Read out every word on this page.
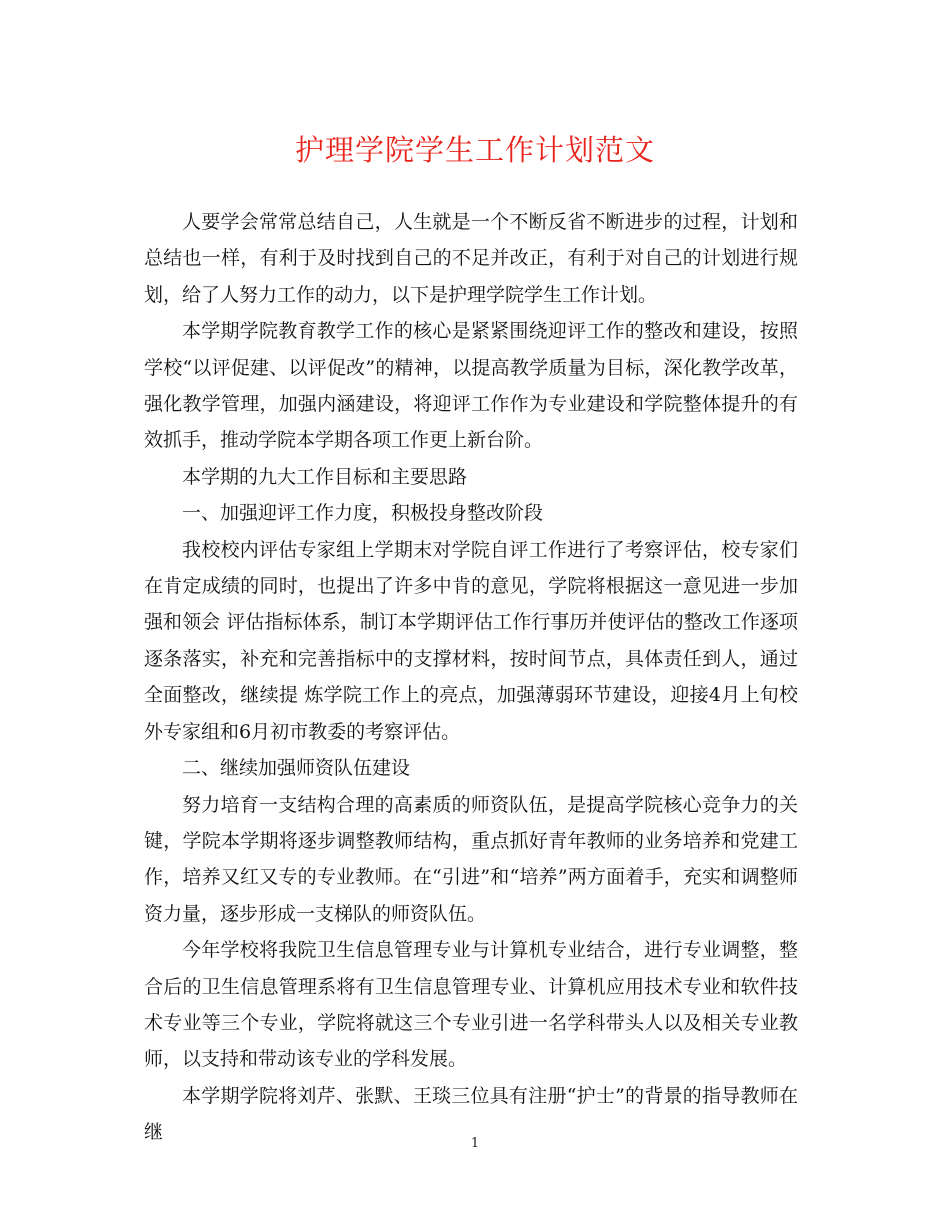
护理学院学生工作计划范文

人要学会常常总结自己，人生就是一个不断反省不断进步的过程，计划和总结也一样，有利于及时找到自己的不足并改正，有利于对自己的计划进行规划，给了人努力工作的动力，以下是护理学院学生工作计划。

本学期学院教育教学工作的核心是紧紧围绕迎评工作的整改和建设，按照学校“以评促建、以评促改”的精神，以提高教学质量为目标，深化教学改革，强化教学管理，加强内涵建设，将迎评工作作为专业建设和学院整体提升的有效抓手，推动学院本学期各项工作更上新台阶。

本学期的九大工作目标和主要思路

一、加强迎评工作力度，积极投身整改阶段

我校校内评估专家组上学期末对学院自评工作进行了考察评估，校专家们在肯定成绩的同时，也提出了许多中肯的意见，学院将根据这一意见进一步加强和领会 评估指标体系，制订本学期评估工作行事历并使评估的整改工作逐项逐条落实，补充和完善指标中的支撑材料，按时间节点，具体责任到人，通过全面整改，继续提 炼学院工作上的亮点，加强薄弱环节建设，迎接4月上旬校外专家组和6月初市教委的考察评估。

二、继续加强师资队伍建设

努力培育一支结构合理的高素质的师资队伍，是提高学院核心竞争力的关键，学院本学期将逐步调整教师结构，重点抓好青年教师的业务培养和党建工作，培养又红又专的专业教师。在“引进”和“培养”两方面着手，充实和调整师资力量，逐步形成一支梯队的师资队伍。

今年学校将我院卫生信息管理专业与计算机专业结合，进行专业调整，整合后的卫生信息管理系将有卫生信息管理专业、计算机应用技术专业和软件技术专业等三个专业，学院将就这三个专业引进一名学科带头人以及相关专业教师，以支持和带动该专业的学科发展。

本学期学院将刘芹、张默、王琰三位具有注册“护士”的背景的指导教师在继

1
